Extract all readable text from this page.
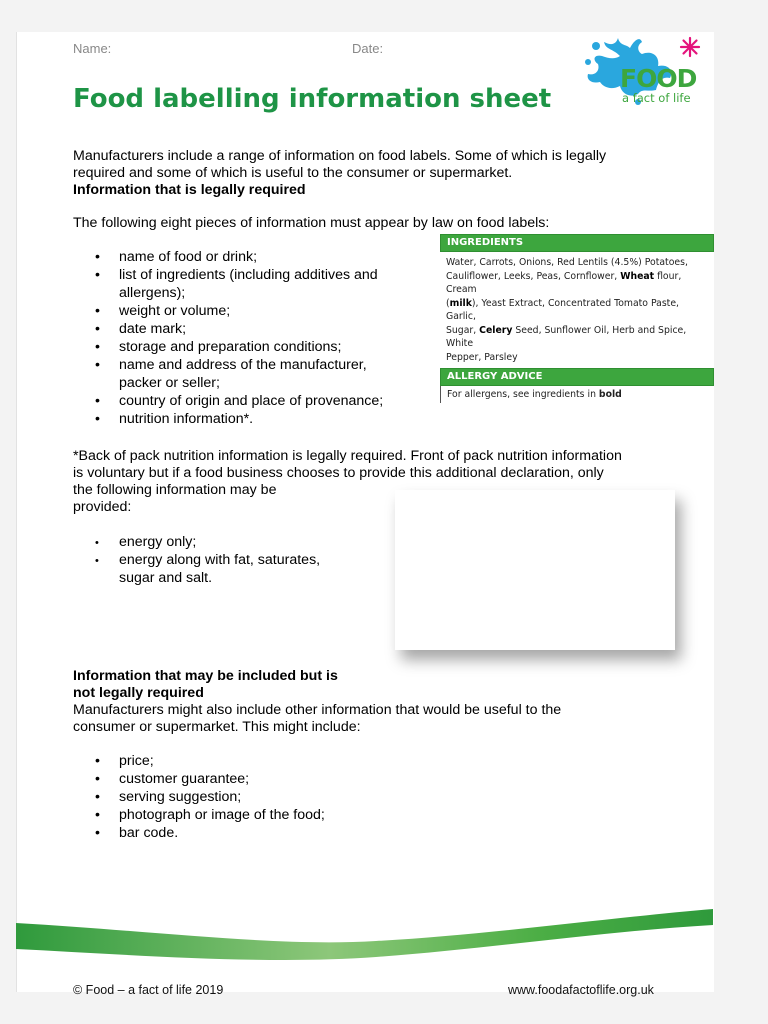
Name:	Date:
FOOD
a fact of life
Food labelling information sheet
Manufacturers include a range of information on food labels. Some of which is legally
required and some of which is useful to the consumer or supermarket.
Information that is legally required
The following eight pieces of information must appear by law on food labels:
• name of food or drink;
• list of ingredients (including additives and
allergens);
• weight or volume;
• date mark;
• storage and preparation conditions;
• name and address of the manufacturer,
packer or seller;
• country of origin and place of provenance;
• nutrition information*.
INGREDIENTS
Water, Carrots, Onions, Red Lentils (4.5%) Potatoes,
Cauliflower, Leeks, Peas, Cornflower, Wheat flour, Cream
(milk), Yeast Extract, Concentrated Tomato Paste, Garlic,
Sugar, Celery Seed, Sunflower Oil, Herb and Spice, White
Pepper, Parsley
ALLERGY ADVICE
For allergens, see ingredients in bold
*Back of pack nutrition information is legally required. Front of pack nutrition information
is voluntary but if a food business chooses to provide this additional declaration, only
the following information may be
provided:
• energy only;
• energy along with fat, saturates,
sugar and salt.
Information that may be included but is
not legally required
Manufacturers might also include other information that would be useful to the
consumer or supermarket. This might include:
• price;
• customer guarantee;
• serving suggestion;
• photograph or image of the food;
• bar code.
© Food – a fact of life 2019	www.foodafactoflife.org.uk
